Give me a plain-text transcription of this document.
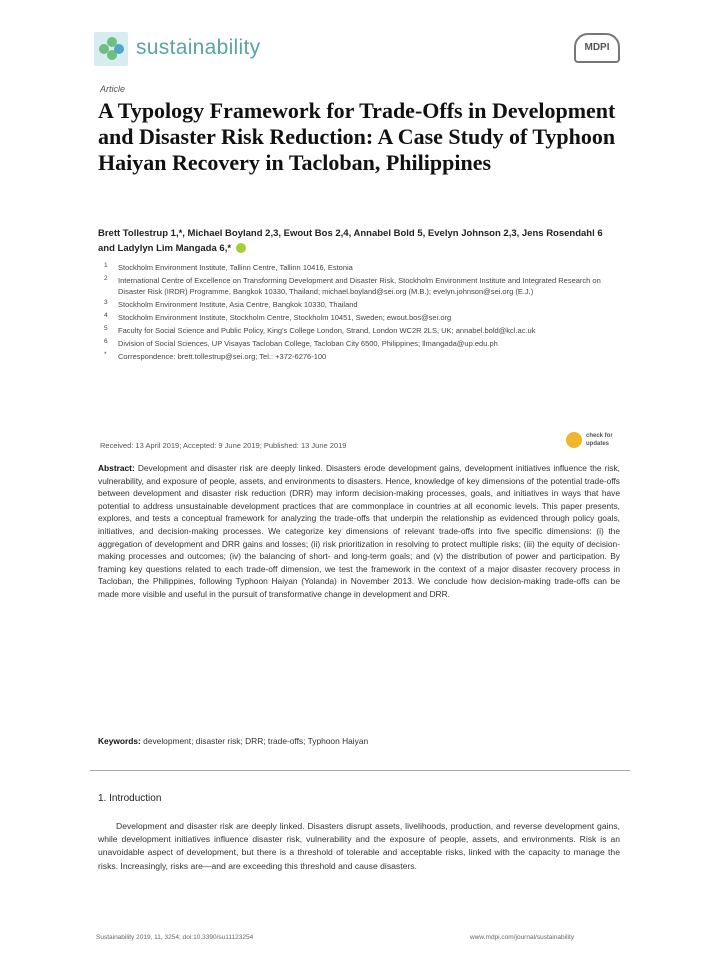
sustainability	MDPI
Article
A Typology Framework for Trade-Offs in Development and Disaster Risk Reduction: A Case Study of Typhoon Haiyan Recovery in Tacloban, Philippines
Brett Tollestrup 1,*, Michael Boyland 2,3, Ewout Bos 2,4, Annabel Bold 5, Evelyn Johnson 2,3, Jens Rosendahl 6 and Ladylyn Lim Mangada 6,*
1 Stockholm Environment Institute, Tallinn Centre, Tallinn 10416, Estonia
2 International Centre of Excellence on Transforming Development and Disaster Risk, Stockholm Environment Institute and Integrated Research on Disaster Risk (IRDR) Programme, Bangkok 10330, Thailand; michael.boyland@sei.org (M.B.); evelyn.johnson@sei.org (E.J.)
3 Stockholm Environment Institute, Asia Centre, Bangkok 10330, Thailand
4 Stockholm Environment Institute, Stockholm Centre, Stockholm 10451, Sweden; ewout.bos@sei.org
5 Faculty for Social Science and Public Policy, King's College London, Strand, London WC2R 2LS, UK; annabel.bold@kcl.ac.uk
6 Division of Social Sciences, UP Visayas Tacloban College, Tacloban City 6500, Philippines; llmangada@up.edu.ph
* Correspondence: brett.tollestrup@sei.org; Tel.: +372-6276-100
Received: 13 April 2019; Accepted: 9 June 2019; Published: 13 June 2019
check for updates
Abstract: Development and disaster risk are deeply linked. Disasters erode development gains, development initiatives influence the risk, vulnerability, and exposure of people, assets, and environments to disasters. Hence, knowledge of key dimensions of the potential trade-offs between development and disaster risk reduction (DRR) may inform decision-making processes, goals, and initiatives in ways that have potential to address unsustainable development practices that are commonplace in countries at all economic levels. This paper presents, explores, and tests a conceptual framework for analyzing the trade-offs that underpin the relationship as evidenced through policy goals, initiatives, and decision-making processes. We categorize key dimensions of relevant trade-offs into five specific dimensions: (i) the aggregation of development and DRR gains and losses; (ii) risk prioritization in resolving to protect multiple risks; (iii) the equity of decision-making processes and outcomes; (iv) the balancing of short- and long-term goals; and (v) the distribution of power and participation. By framing key questions related to each trade-off dimension, we test the framework in the context of a major disaster recovery process in Tacloban, the Philippines, following Typhoon Haiyan (Yolanda) in November 2013. We conclude how decision-making trade-offs can be made more visible and useful in the pursuit of transformative change in development and DRR.
Keywords: development; disaster risk; DRR; trade-offs; Typhoon Haiyan
1. Introduction
Development and disaster risk are deeply linked. Disasters disrupt assets, livelihoods, production, and reverse development gains, while development initiatives influence disaster risk, vulnerability and the exposure of people, assets, and environments. Risk is an unavoidable aspect of development, but there is a threshold of tolerable and acceptable risks, linked with the capacity to manage the risks. Increasingly, risks are—and are exceeding this threshold and cause disasters.
Sustainability 2019, 11, 3254; doi:10.3390/su11123254	www.mdpi.com/journal/sustainability
